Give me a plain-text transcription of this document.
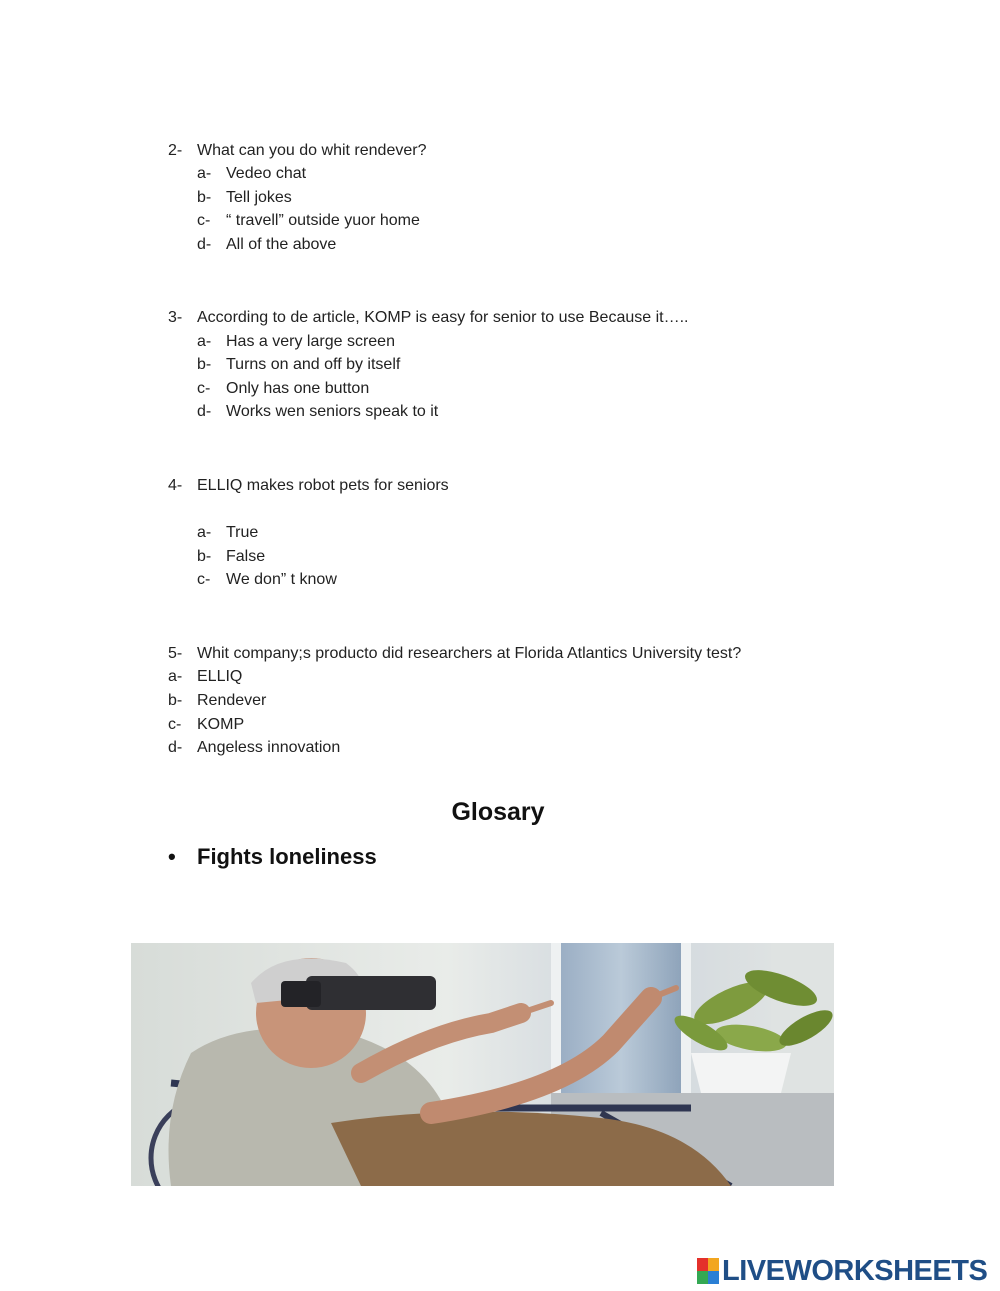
2- What can you do whit rendever?
a- Vedeo chat
b- Tell jokes
c- “ travell” outside yuor home
d- All of the above
3- According to de article, KOMP is easy for senior to use Because it…..
a- Has a very large screen
b- Turns on and off by itself
c- Only has one button
d- Works wen seniors speak to it
4- ELLIQ makes robot pets for seniors
a- True
b- False
c- We don” t know
5- Whit company;s producto did researchers at Florida Atlantics University test?
a- ELLIQ
b- Rendever
c- KOMP
d- Angeless innovation
Glosary
• Fights loneliness
LIVEWORKSHEETS
